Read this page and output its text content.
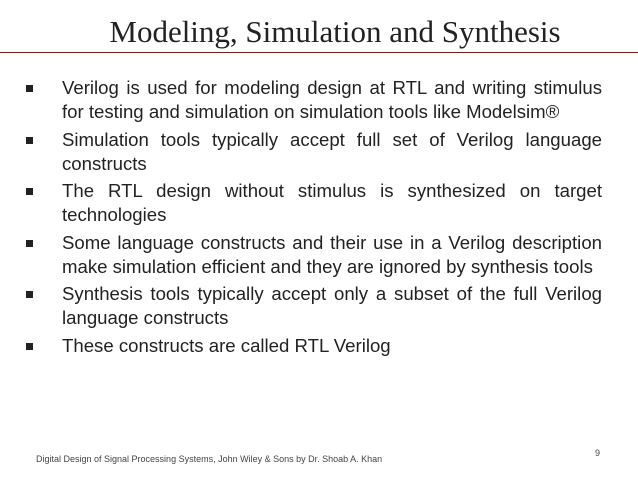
Modeling, Simulation and Synthesis
Verilog is used for modeling design at RTL and writing stimulus for testing and simulation on simulation tools like Modelsim®
Simulation tools typically accept full set of Verilog language constructs
The RTL design without stimulus is synthesized on target technologies
Some language constructs and their use in a Verilog description make simulation efficient and they are ignored by synthesis tools
Synthesis tools typically accept only a subset of the full Verilog language constructs
These constructs are called RTL Verilog
Digital Design of Signal Processing Systems, John Wiley & Sons by Dr. Shoab A. Khan
9
